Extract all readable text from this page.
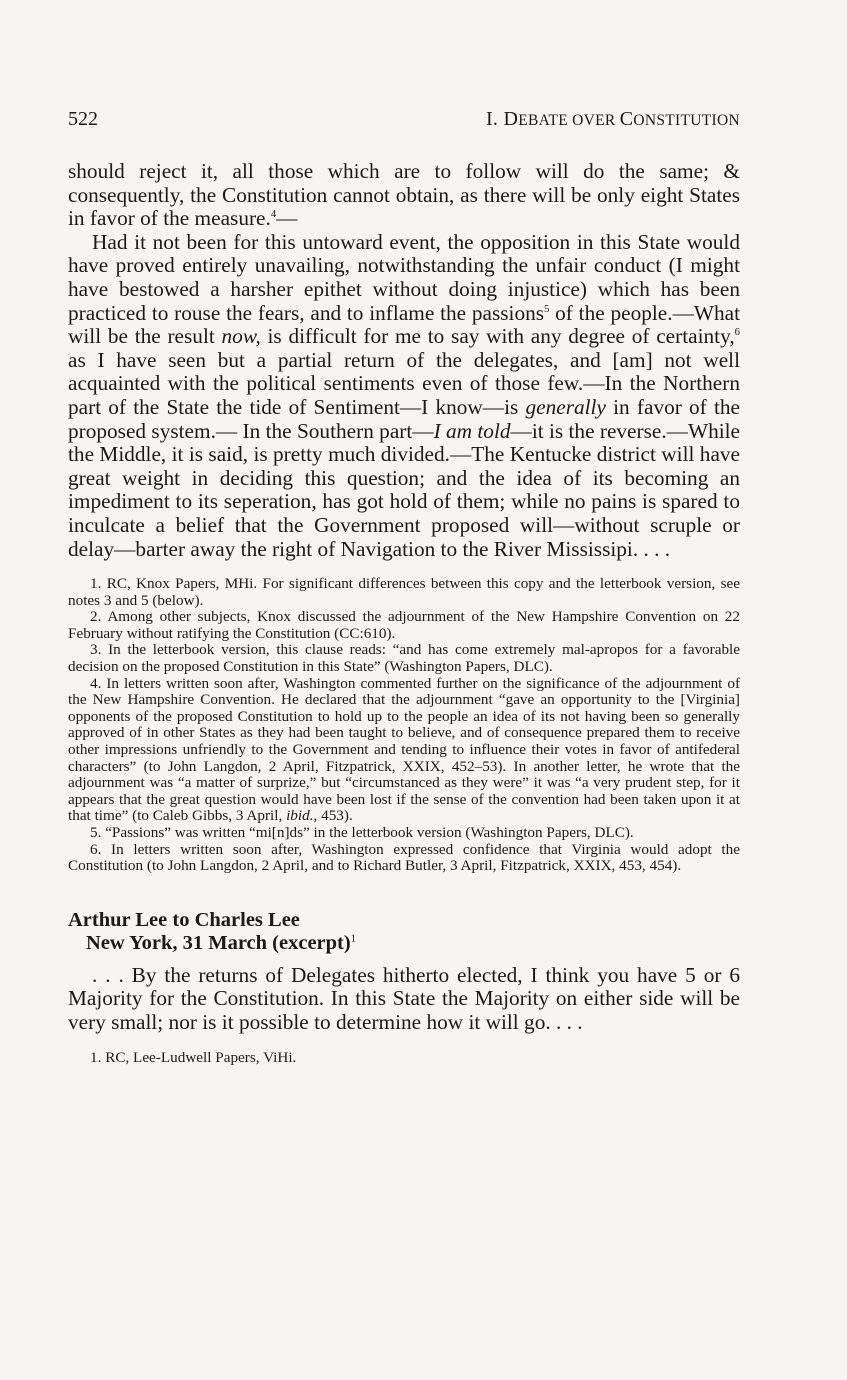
522	I. DEBATE OVER CONSTITUTION

should reject it, all those which are to follow will do the same; & consequently, the Constitution cannot obtain, as there will be only eight States in favor of the measure.$^4$—

Had it not been for this untoward event, the opposition in this State would have proved entirely unavailing, notwithstanding the unfair conduct (I might have bestowed a harsher epithet without doing injustice) which has been practiced to rouse the fears, and to inflame the passions$^5$ of the people.—What will be the result now, is difficult for me to say with any degree of certainty,$^6$ as I have seen but a partial return of the delegates, and [am] not well acquainted with the political sentiments even of those few.—In the Northern part of the State the tide of Sentiment—I know—is generally in favor of the proposed system.— In the Southern part—I am told—it is the reverse.—While the Middle, it is said, is pretty much divided.—The Kentucke district will have great weight in deciding this question; and the idea of its becoming an impediment to its seperation, has got hold of them; while no pains is spared to inculcate a belief that the Government proposed will—without scruple or delay—barter away the right of Navigation to the River Mississipi. . . .

1. RC, Knox Papers, MHi. For significant differences between this copy and the letterbook version, see notes 3 and 5 (below).

2. Among other subjects, Knox discussed the adjournment of the New Hampshire Convention on 22 February without ratifying the Constitution (CC:610).

3. In the letterbook version, this clause reads: “and has come extremely mal-apropos for a favorable decision on the proposed Constitution in this State” (Washington Papers, DLC).

4. In letters written soon after, Washington commented further on the significance of the adjournment of the New Hampshire Convention. He declared that the adjournment “gave an opportunity to the [Virginia] opponents of the proposed Constitution to hold up to the people an idea of its not having been so generally approved of in other States as they had been taught to believe, and of consequence prepared them to receive other impressions unfriendly to the Government and tending to influence their votes in favor of antifederal characters” (to John Langdon, 2 April, Fitzpatrick, XXIX, 452–53). In another letter, he wrote that the adjournment was “a matter of surprize,” but “circumstanced as they were” it was “a very prudent step, for it appears that the great question would have been lost if the sense of the convention had been taken upon it at that time” (to Caleb Gibbs, 3 April, ibid., 453).

5. “Passions” was written “mi[n]ds” in the letterbook version (Washington Papers, DLC).

6. In letters written soon after, Washington expressed confidence that Virginia would adopt the Constitution (to John Langdon, 2 April, and to Richard Butler, 3 April, Fitzpatrick, XXIX, 453, 454).

Arthur Lee to Charles Lee
New York, 31 March (excerpt)$^1$

. . . By the returns of Delegates hitherto elected, I think you have 5 or 6 Majority for the Constitution. In this State the Majority on either side will be very small; nor is it possible to determine how it will go. . . .

1. RC, Lee-Ludwell Papers, ViHi.
